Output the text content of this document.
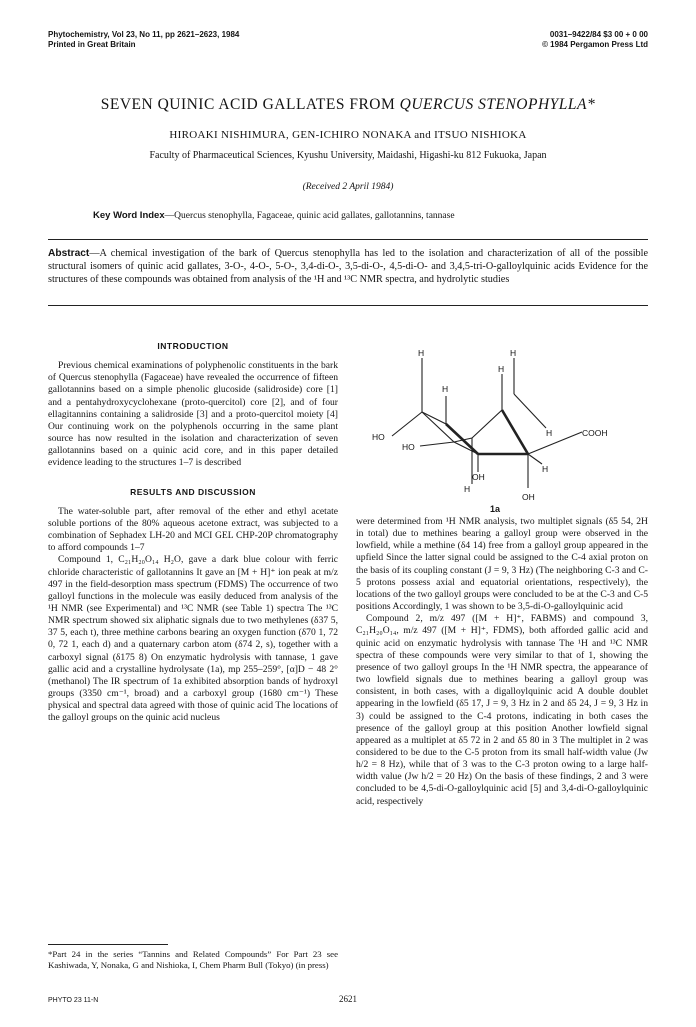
Phytochemistry, Vol 23, No 11, pp 2621–2623, 1984
Printed in Great Britain
0031–9422/84 $3 00 + 0 00
© 1984 Pergamon Press Ltd
SEVEN QUINIC ACID GALLATES FROM QUERCUS STENOPHYLLA*
HIROAKI NISHIMURA, GEN-ICHIRO NONAKA and ITSUO NISHIOKA
Faculty of Pharmaceutical Sciences, Kyushu University, Maidashi, Higashi-ku 812 Fukuoka, Japan
(Received 2 April 1984)
Key Word Index—Quercus stenophylla, Fagaceae, quinic acid gallates, gallotannins, tannase
Abstract—A chemical investigation of the bark of Quercus stenophylla has led to the isolation and characterization of all of the possible structural isomers of quinic acid gallates, 3-O-, 4-O-, 5-O-, 3,4-di-O-, 3,5-di-O-, 4,5-di-O- and 3,4,5-tri-O-galloylquinic acids Evidence for the structures of these compounds was obtained from analysis of the ¹H and ¹³C NMR spectra, and hydrolytic studies
INTRODUCTION

Previous chemical examinations of polyphenolic constituents in the bark of Quercus stenophylla (Fagaceae) have revealed the occurrence of fifteen gallotannins based on a simple phenolic glucoside (salidroside) core [1] and a pentahydroxycyclohexane (proto-quercitol) core [2], and of four ellagitannins containing a salidroside [3] and a proto-quercitol moiety [4] Our continuing work on the polyphenols occurring in the same plant source has now resulted in the isolation and characterization of seven gallotannins based on a quinic acid core, and in this paper detailed evidence leading to the structures 1–7 is described

RESULTS AND DISCUSSION

The water-soluble part, after removal of the ether and ethyl acetate soluble portions of the 80% aqueous acetone extract, was subjected to a combination of Sephadex LH-20 and MCI GEL CHP-20P chromatography to afford compounds 1–7

Compound 1, C₂₁H₂₀O₁₄ H₂O, gave a dark blue colour with ferric chloride characteristic of gallotannins It gave an [M + H]⁺ ion peak at m/z 497 in the field-desorption mass spectrum (FDMS) The occurrence of two galloyl functions in the molecule was easily deduced from analysis of the ¹H NMR (see Experimental) and ¹³C NMR (see Table 1) spectra The ¹³C NMR spectrum showed six aliphatic signals due to two methylenes (δ37 5, 37 5, each t), three methine carbons bearing an oxygen function (δ70 1, 72 0, 72 1, each d) and a quaternary carbon atom (δ74 2, s), together with a carboxyl signal (δ175 8) On enzymatic hydrolysis with tannase, 1 gave gallic acid and a crystalline hydrolysate (1a), mp 255–259°, [α]D − 48 2° (methanol) The IR spectrum of 1a exhibited absorption bands of hydroxyl groups (3350 cm⁻¹, broad) and a carboxyl group (1680 cm⁻¹) These physical and spectral data agreed with those of quinic acid The locations of the galloyl groups on the quinic acid nucleus

*Part 24 in the series “Tannins and Related Compounds” For Part 23 see Kashiwada, Y, Nonaka, G and Nishioka, I, Chem Pharm Bull (Tokyo) (in press)
H	H
H
H
H
H
H
HO
HO
COOH
OH
OH
1a

were determined from ¹H NMR analysis, two multiplet signals (δ5 54, 2H in total) due to methines bearing a galloyl group were observed in the lowfield, while a methine (δ4 14) free from a galloyl group appeared in the upfield Since the latter signal could be assigned to the C-4 axial proton on the basis of its coupling constant (J = 9, 3 Hz) (The neighboring C-3 and C-5 protons possess axial and equatorial orientations, respectively), the locations of the two galloyl groups were concluded to be at the C-3 and C-5 positions Accordingly, 1 was shown to be 3,5-di-O-galloylquinic acid

Compound 2, m/z 497 ([M + H]⁺, FABMS) and compound 3, C₂₁H₂₀O₁₄, m/z 497 ([M + H]⁺, FDMS), both afforded gallic acid and quinic acid on enzymatic hydrolysis with tannase The ¹H and ¹³C NMR spectra of these compounds were very similar to that of 1, showing the presence of two galloyl groups In the ¹H NMR spectra, the appearance of two lowfield signals due to methines bearing a galloyl group was consistent, in both cases, with a digalloylquinic acid A double doublet appearing in the lowfield (δ5 17, J = 9, 3 Hz in 2 and δ5 24, J = 9, 3 Hz in 3) could be assigned to the C-4 protons, indicating in both cases the presence of the galloyl group at this position Another lowfield signal appeared as a multiplet at δ5 72 in 2 and δ5 80 in 3 The multiplet in 2 was considered to be due to the C-5 proton from its small half-width value (Jw h/2 = 8 Hz), while that of 3 was to the C-3 proton owing to a large half-width value (Jw h/2 = 20 Hz) On the basis of these findings, 2 and 3 were concluded to be 4,5-di-O-galloylquinic acid [5] and 3,4-di-O-galloylquinic acid, respectively

PHYTO 23 11-N	2621
